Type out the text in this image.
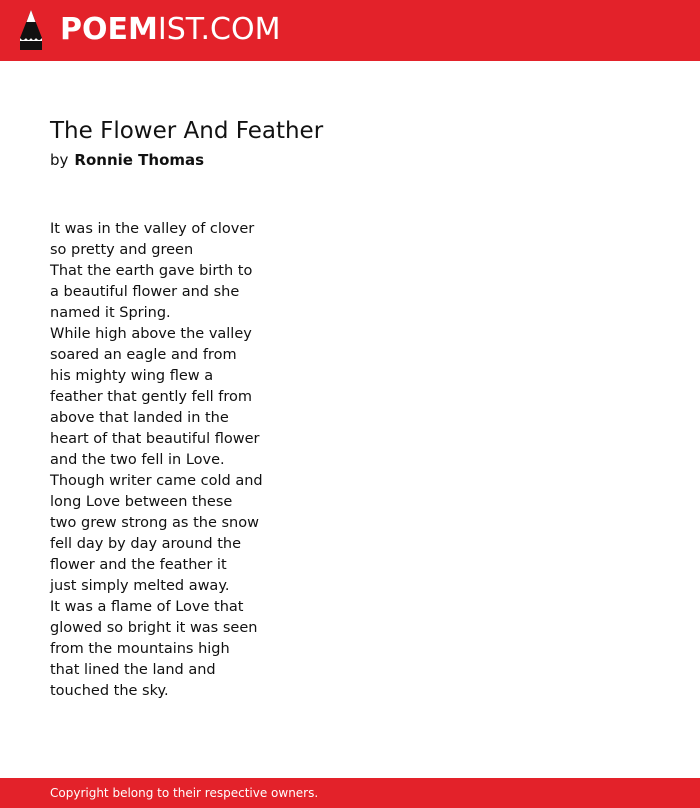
POEMIST.COM
The Flower And Feather
by Ronnie Thomas
It was in the valley of clover
so pretty and green
That the earth gave birth to
a beautiful flower and she
named it Spring.
While high above the valley
soared an eagle and from
his mighty wing flew a
feather that gently fell from
above that landed in the
heart of that beautiful flower
and the two fell in Love.
Though writer came cold and
long Love between these
two grew strong as the snow
fell day by day around the
flower and the feather it
just simply melted away.
It was a flame of Love that
glowed so bright it was seen
from the mountains high
that lined the land and
touched the sky.
Copyright belong to their respective owners.
